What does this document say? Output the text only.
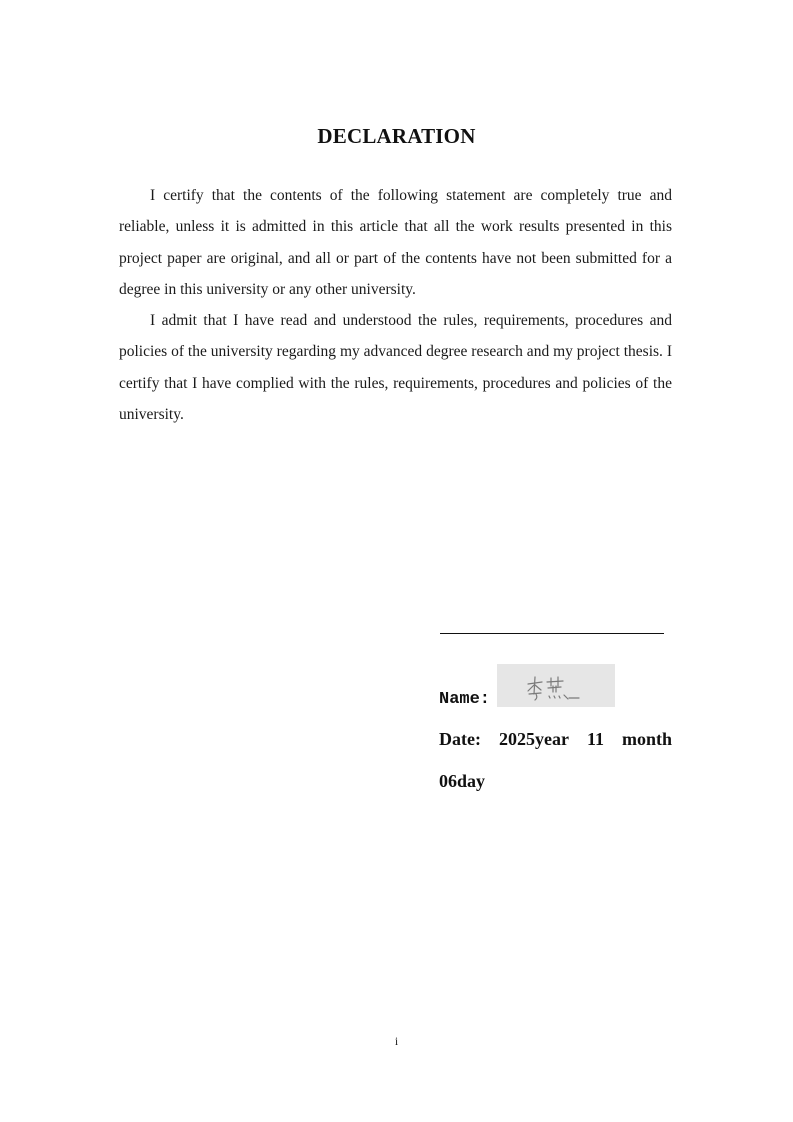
DECLARATION

I certify that the contents of the following statement are completely true and reliable, unless it is admitted in this article that all the work results presented in this project paper are original, and all or part of the contents have not been submitted for a degree in this university or any other university.

I admit that I have read and understood the rules, requirements, procedures and policies of the university regarding my advanced degree research and my project thesis. I certify that I have complied with the rules, requirements, procedures and policies of the university.

Name:
Date: 2025year 11 month
06day
i
